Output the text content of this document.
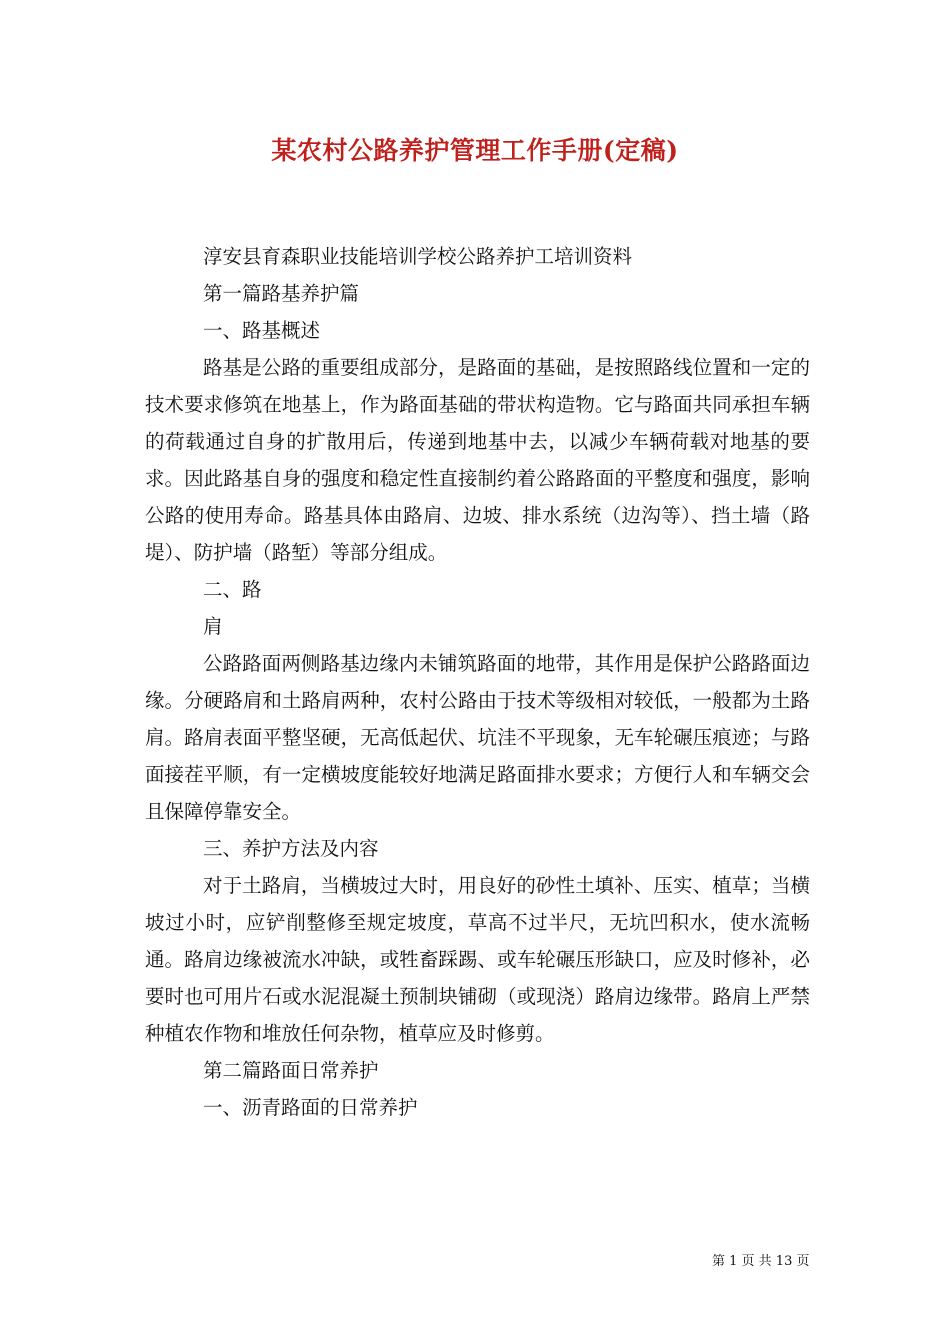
某农村公路养护管理工作手册(定稿)

淳安县育森职业技能培训学校公路养护工培训资料

第一篇路基养护篇

一、路基概述

路基是公路的重要组成部分，是路面的基础，是按照路线位置和一定的技术要求修筑在地基上，作为路面基础的带状构造物。它与路面共同承担车辆的荷载通过自身的扩散用后，传递到地基中去，以减少车辆荷载对地基的要求。因此路基自身的强度和稳定性直接制约着公路路面的平整度和强度，影响公路的使用寿命。路基具体由路肩、边坡、排水系统（边沟等）、挡土墙（路堤）、防护墙（路堑）等部分组成。

二、路

肩

公路路面两侧路基边缘内未铺筑路面的地带，其作用是保护公路路面边缘。分硬路肩和土路肩两种，农村公路由于技术等级相对较低，一般都为土路肩。路肩表面平整坚硬，无高低起伏、坑洼不平现象，无车轮碾压痕迹；与路面接茬平顺，有一定横坡度能较好地满足路面排水要求；方便行人和车辆交会且保障停靠安全。

三、养护方法及内容

对于土路肩，当横坡过大时，用良好的砂性土填补、压实、植草；当横坡过小时，应铲削整修至规定坡度，草高不过半尺，无坑凹积水，使水流畅通。路肩边缘被流水冲缺，或牲畜踩踢、或车轮碾压形缺口，应及时修补，必要时也可用片石或水泥混凝土预制块铺砌（或现浇）路肩边缘带。路肩上严禁种植农作物和堆放任何杂物，植草应及时修剪。

第二篇路面日常养护

一、沥青路面的日常养护

第 1 页 共 13 页
